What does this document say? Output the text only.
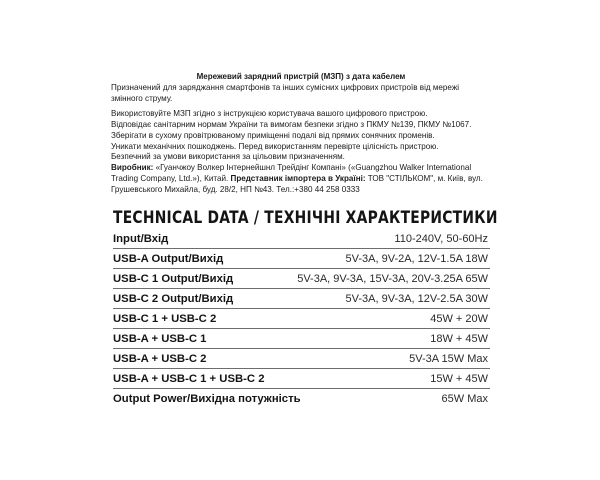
Мережевий зарядний пристрій (МЗП) з дата кабелем

Призначений для заряджання смартфонів та інших сумісних цифрових пристроїв від мережі змінного струму.

Використовуйте МЗП згідно з інструкцією користувача вашого цифрового пристрою.

Відповідає санітарним нормам України та вимогам безпеки згідно з ПКМУ №139, ПКМУ №1067.

Зберігати в сухому провітрюваному приміщенні подалі від прямих сонячних променів.

Уникати механічних пошкоджень. Перед використанням перевірте цілісність пристрою.

Безпечний за умови використання за цільовим призначенням.

Виробник: «Гуанчжоу Волкер Інтернейшнл Трейдінг Компані» («Guangzhou Walker International Trading Company, Ltd.»), Китай. Представник імпортера в Україні: ТОВ "СТІЛЬКОМ", м. Київ, вул. Грушевського Михайла, буд. 28/2, НП №43. Тел.:+380 44 258 0333

TECHNICAL DATA / ТЕХНІЧНІ ХАРАКТЕРИСТИКИ
Input/Вхід	110-240V, 50-60Hz
USB-A Output/Вихід	5V-3A, 9V-2A, 12V-1.5A 18W
USB-C 1 Output/Вихід	5V-3A, 9V-3A, 15V-3A, 20V-3.25A 65W
USB-C 2 Output/Вихід	5V-3A, 9V-3A, 12V-2.5A 30W
USB-C 1 + USB-C 2	45W + 20W
USB-A + USB-C 1	18W + 45W
USB-A + USB-C 2	5V-3A 15W Max
USB-A + USB-C 1 + USB-C 2	15W + 45W
Output Power/Вихідна потужність	65W Max
